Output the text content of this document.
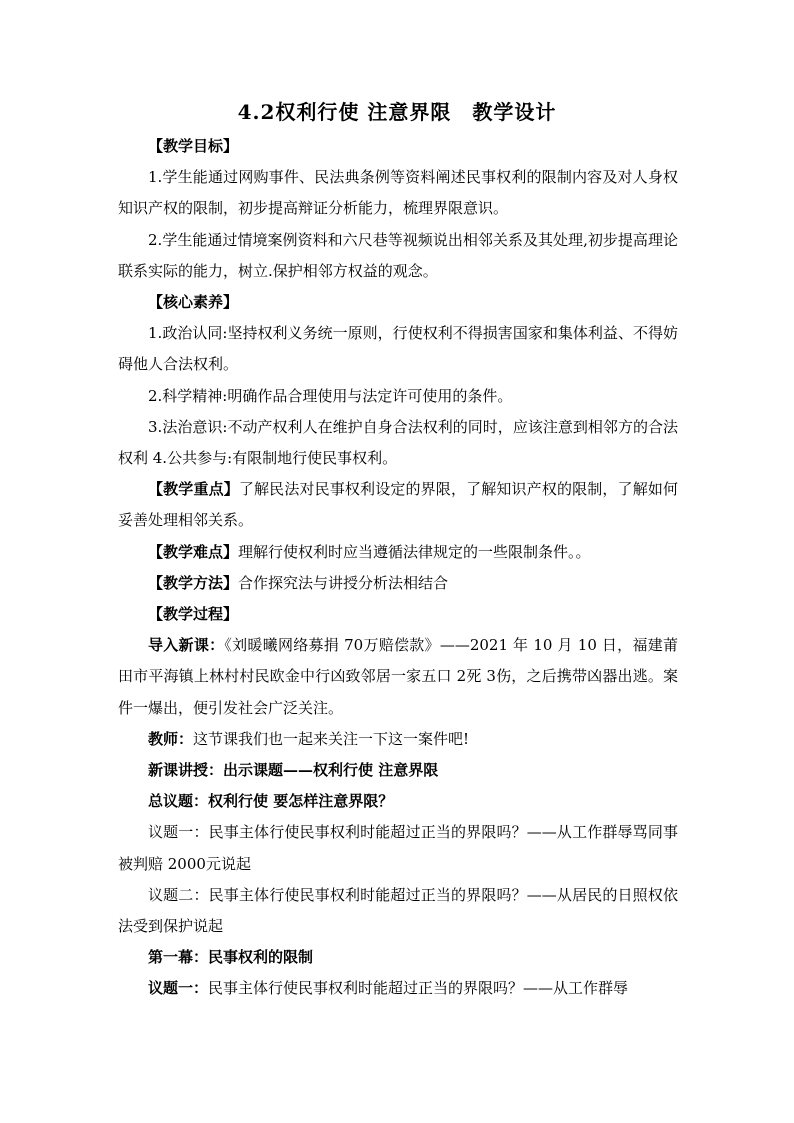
4.2权利行使 注意界限　教学设计

【教学目标】

1.学生能通过网购事件、民法典条例等资料阐述民事权利的限制内容及对人身权知识产权的限制，初步提高辩证分析能力，梳理界限意识。

2.学生能通过情境案例资料和六尺巷等视频说出相邻关系及其处理,初步提高理论联系实际的能力，树立.保护相邻方权益的观念。

【核心素养】

1.政治认同:坚持权利义务统一原则，行使权利不得损害国家和集体利益、不得妨碍他人合法权利。

2.科学精神:明确作品合理使用与法定许可使用的条件。

3.法治意识:不动产权利人在维护自身合法权利的同时，应该注意到相邻方的合法权利 4.公共参与:有限制地行使民事权利。

【教学重点】了解民法对民事权利设定的界限，了解知识产权的限制，了解如何妥善处理相邻关系。

【教学难点】理解行使权利时应当遵循法律规定的一些限制条件。。

【教学方法】合作探究法与讲授分析法相结合

【教学过程】

导入新课：《刘暖曦网络募捐 70万赔偿款》——2021 年 10 月 10 日，福建莆田市平海镇上林村村民欧金中行凶致邻居一家五口 2死 3伤，之后携带凶器出逃。案件一爆出，便引发社会广泛关注。

教师：这节课我们也一起来关注一下这一案件吧!

新课讲授：出示课题——权利行使 注意界限

总议题：权利行使 要怎样注意界限？

议题一：民事主体行使民事权利时能超过正当的界限吗？——从工作群辱骂同事被判赔 2000元说起

议题二：民事主体行使民事权利时能超过正当的界限吗？——从居民的日照权依法受到保护说起

第一幕：民事权利的限制

议题一：民事主体行使民事权利时能超过正当的界限吗？——从工作群辱
